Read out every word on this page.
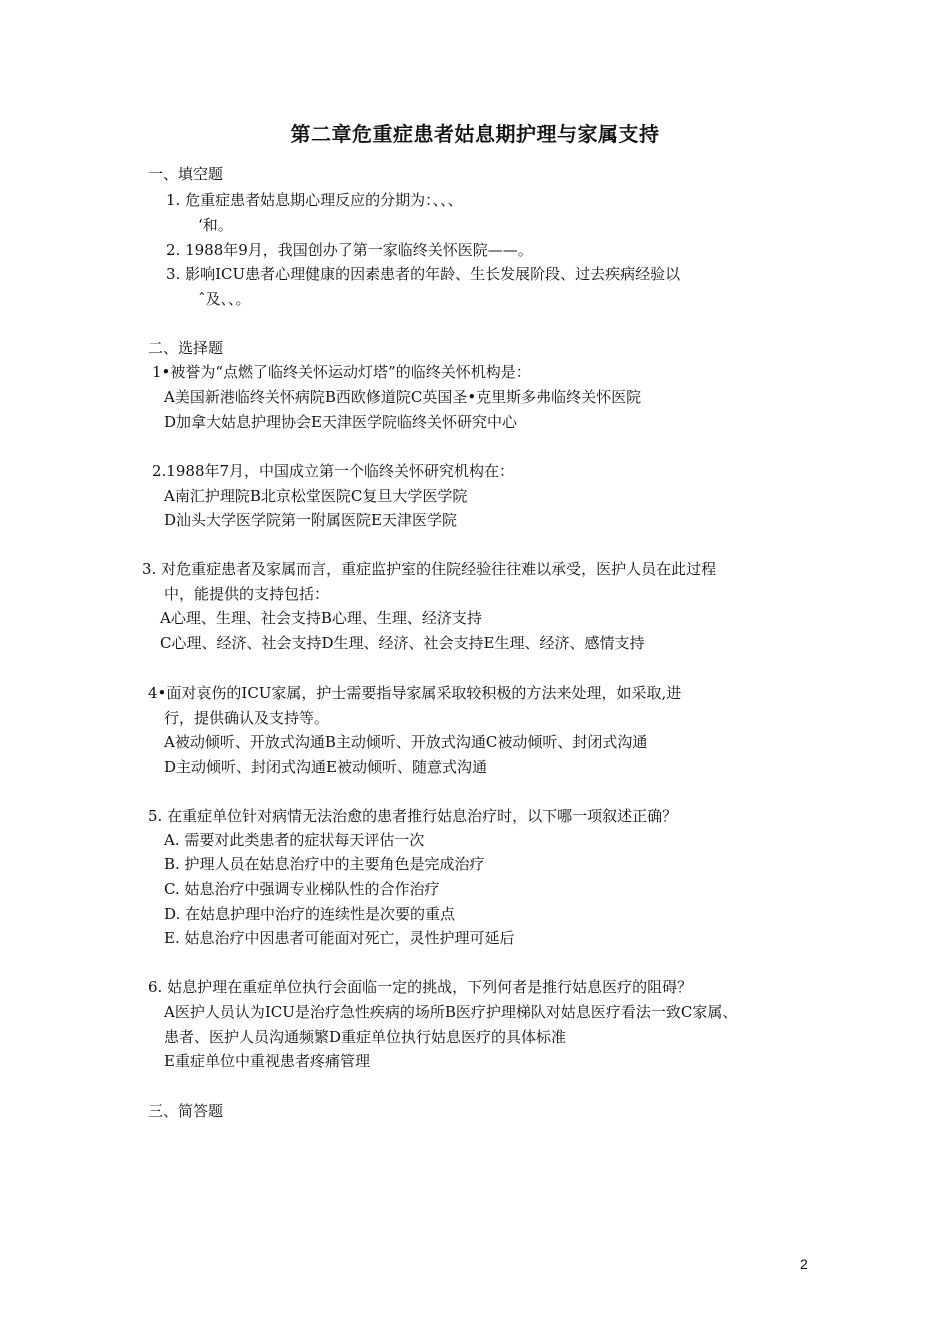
第二章危重症患者姑息期护理与家属支持
一、填空题
1. 危重症患者姑息期心理反应的分期为：、、、
‘和。
2. 1988年9月，我国创办了第一家临终关怀医院——。
3. 影响ICU患者心理健康的因素患者的年龄、生长发展阶段、过去疾病经验以
ˆ及、、。
二、选择题
1•被誉为“点燃了临终关怀运动灯塔”的临终关怀机构是：
A美国新港临终关怀病院B西欧修道院C英国圣•克里斯多弗临终关怀医院
D加拿大姑息护理协会E天津医学院临终关怀研究中心
2.1988年7月，中国成立第一个临终关怀研究机构在：
A南汇护理院B北京松堂医院C复旦大学医学院
D汕头大学医学院第一附属医院E天津医学院
3. 对危重症患者及家属而言，重症监护室的住院经验往往难以承受，医护人员在此过程
中，能提供的支持包括：
A心理、生理、社会支持B心理、生理、经济支持
C心理、经济、社会支持D生理、经济、社会支持E生理、经济、感情支持
4•面对哀伤的ICU家属，护士需要指导家属采取较积极的方法来处理，如采取,进
行，提供确认及支持等。
A被动倾听、开放式沟通B主动倾听、开放式沟通C被动倾听、封闭式沟通
D主动倾听、封闭式沟通E被动倾听、随意式沟通
5. 在重症单位针对病情无法治愈的患者推行姑息治疗时，以下哪一项叙述正确？
A. 需要对此类患者的症状每天评估一次
B. 护理人员在姑息治疗中的主要角色是完成治疗
C. 姑息治疗中强调专业梯队性的合作治疗
D. 在姑息护理中治疗的连续性是次要的重点
E. 姑息治疗中因患者可能面对死亡，灵性护理可延后
6. 姑息护理在重症单位执行会面临一定的挑战，下列何者是推行姑息医疗的阻碍？
A医护人员认为ICU是治疗急性疾病的场所B医疗护理梯队对姑息医疗看法一致C家属、
患者、医护人员沟通频繁D重症单位执行姑息医疗的具体标准
E重症单位中重视患者疼痛管理
三、简答题
2
